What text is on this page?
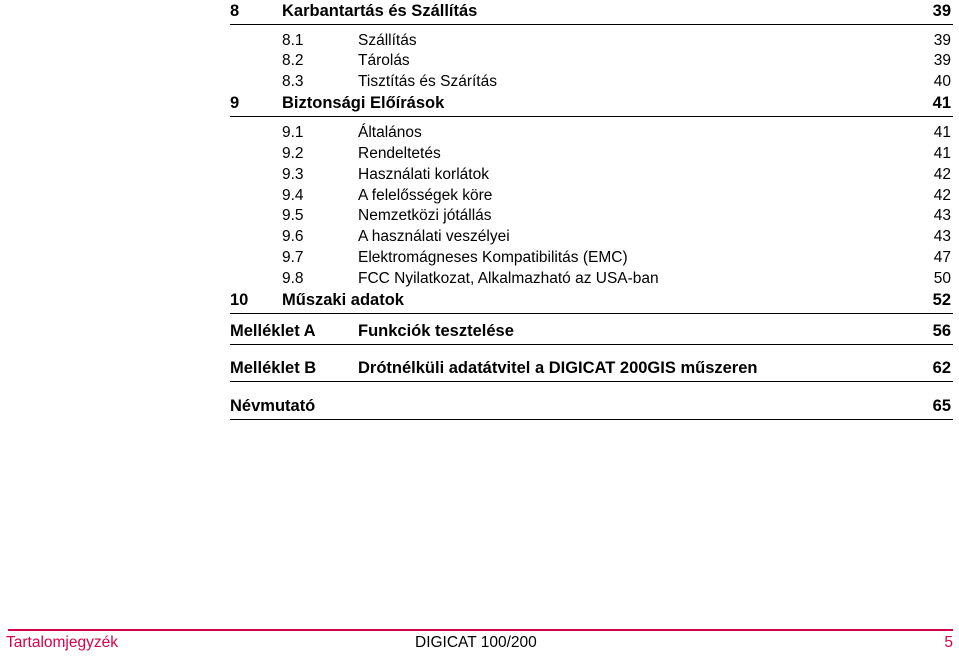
8	Karbantartás és Szállítás	39
8.1	Szállítás	39
8.2	Tárolás	39
8.3	Tisztítás és Szárítás	40
9	Biztonsági Előírások	41
9.1	Általános	41
9.2	Rendeltetés	41
9.3	Használati korlátok	42
9.4	A felelősségek köre	42
9.5	Nemzetközi jótállás	43
9.6	A használati veszélyei	43
9.7	Elektromágneses Kompatibilitás (EMC)	47
9.8	FCC Nyilatkozat, Alkalmazható az USA-ban	50
10 Műszaki adatok	52
Melléklet A	Funkciók tesztelése	56
Melléklet B	Drótnélküli adatátvitel a DIGICAT 200GIS műszeren	62
Névmutató	65
Tartalomjegyzék	DIGICAT 100/200	5
